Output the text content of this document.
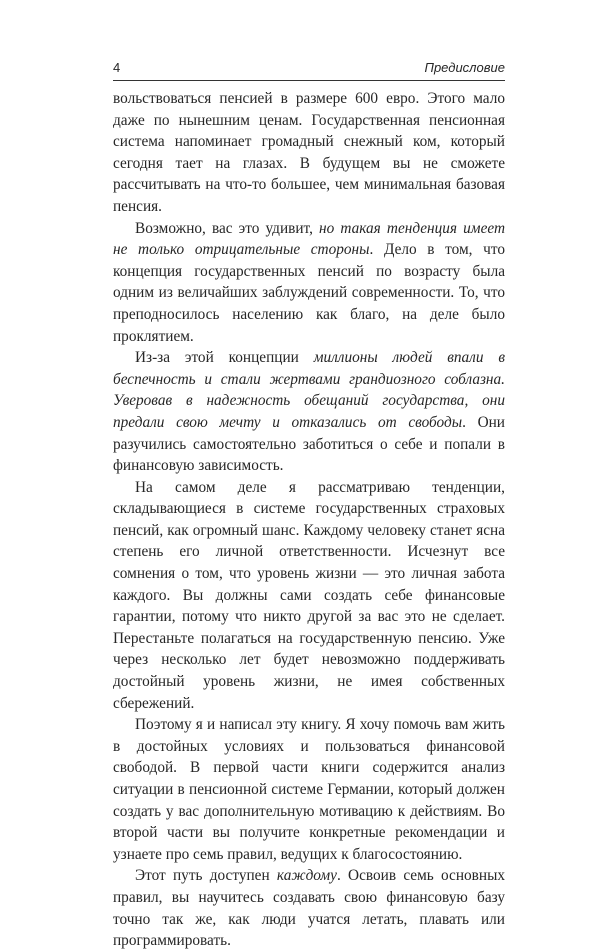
4	Предисловие

вольствоваться пенсией в размере 600 евро. Этого мало даже по нынешним ценам. Государственная пенсионная система напоминает громадный снежный ком, который сегодня тает на глазах. В будущем вы не сможете рассчитывать на что-то большее, чем минимальная базовая пенсия.

Возможно, вас это удивит, но такая тенденция имеет не только отрицательные стороны. Дело в том, что концепция государственных пенсий по возрасту была одним из величайших заблуждений современности. То, что преподносилось населению как благо, на деле было проклятием.

Из-за этой концепции миллионы людей впали в беспечность и стали жертвами грандиозного соблазна. Уверовав в надежность обещаний государства, они предали свою мечту и отказались от свободы. Они разучились самостоятельно заботиться о себе и попали в финансовую зависимость.

На самом деле я рассматриваю тенденции, складывающиеся в системе государственных страховых пенсий, как огромный шанс. Каждому человеку станет ясна степень его личной ответственности. Исчезнут все сомнения о том, что уровень жизни — это личная забота каждого. Вы должны сами создать себе финансовые гарантии, потому что никто другой за вас это не сделает. Перестаньте полагаться на государственную пенсию. Уже через несколько лет будет невозможно поддерживать достойный уровень жизни, не имея собственных сбережений.

Поэтому я и написал эту книгу. Я хочу помочь вам жить в достойных условиях и пользоваться финансовой свободой. В первой части книги содержится анализ ситуации в пенсионной системе Германии, который должен создать у вас дополнительную мотивацию к действиям. Во второй части вы получите конкретные рекомендации и узнаете про семь правил, ведущих к благосостоянию.

Этот путь доступен каждому. Освоив семь основных правил, вы научитесь создавать свою финансовую базу точно так же, как люди учатся летать, плавать или программировать.
